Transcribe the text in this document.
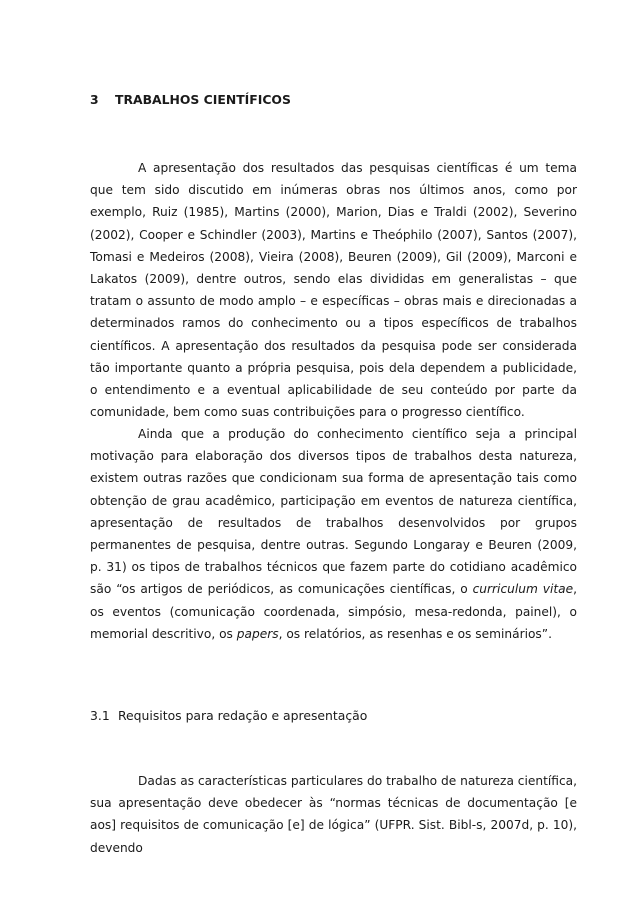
3 TRABALHOS CIENTÍFICOS

A apresentação dos resultados das pesquisas científicas é um tema que tem sido discutido em inúmeras obras nos últimos anos, como por exemplo, Ruiz (1985), Martins (2000), Marion, Dias e Traldi (2002), Severino (2002), Cooper e Schindler (2003), Martins e Theóphilo (2007), Santos (2007), Tomasi e Medeiros (2008), Vieira (2008), Beuren (2009), Gil (2009), Marconi e Lakatos (2009), dentre outros, sendo elas divididas em generalistas – que tratam o assunto de modo amplo – e específicas – obras mais e direcionadas a determinados ramos do conhecimento ou a tipos específicos de trabalhos científicos. A apresentação dos resultados da pesquisa pode ser considerada tão importante quanto a própria pesquisa, pois dela dependem a publicidade, o entendimento e a eventual aplicabilidade de seu conteúdo por parte da comunidade, bem como suas contribuições para o progresso científico.

Ainda que a produção do conhecimento científico seja a principal motivação para elaboração dos diversos tipos de trabalhos desta natureza, existem outras razões que condicionam sua forma de apresentação tais como obtenção de grau acadêmico, participação em eventos de natureza científica, apresentação de resultados de trabalhos desenvolvidos por grupos permanentes de pesquisa, dentre outras. Segundo Longaray e Beuren (2009, p. 31) os tipos de trabalhos técnicos que fazem parte do cotidiano acadêmico são “os artigos de periódicos, as comunicações científicas, o curriculum vitae, os eventos (comunicação coordenada, simpósio, mesa-redonda, painel), o memorial descritivo, os papers, os relatórios, as resenhas e os seminários”.

3.1 Requisitos para redação e apresentação

Dadas as características particulares do trabalho de natureza científica, sua apresentação deve obedecer às “normas técnicas de documentação [e aos] requisitos de comunicação [e] de lógica” (UFPR. Sist. Bibl-s, 2007d, p. 10), devendo
